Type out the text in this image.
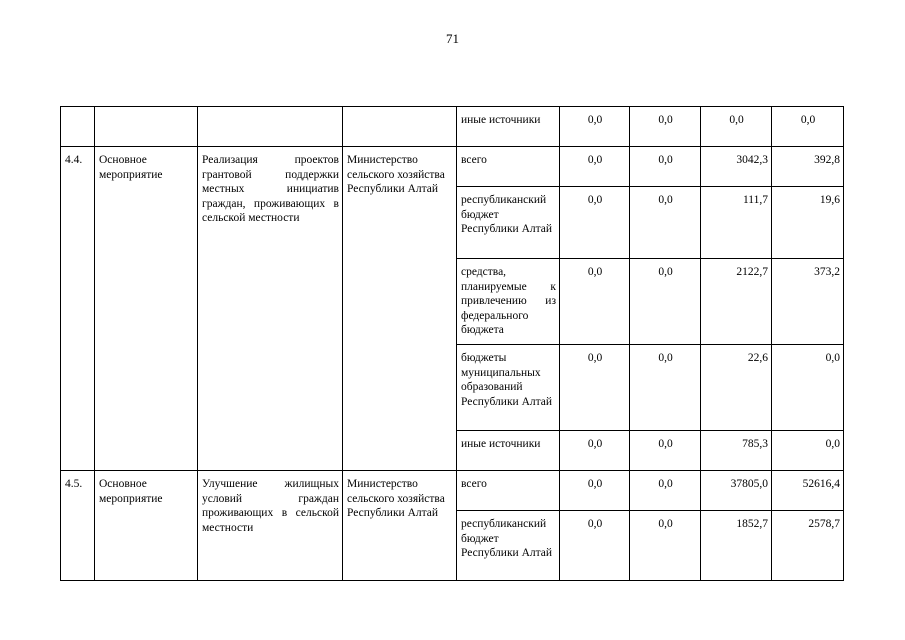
71
				иные источники	0,0	0,0	0,0	0,0
4.4.	Основное мероприятие	Реализация проектов грантовой поддержки местных инициатив граждан, проживающих в сельской местности	Министерство сельского хозяйства Республики Алтай	всего	0,0	0,0	3042,3	392,8
				республиканский бюджет Республики Алтай	0,0	0,0	111,7	19,6
				средства, планируемые к привлечению из федерального бюджета	0,0	0,0	2122,7	373,2
				бюджеты муниципальных образований Республики Алтай	0,0	0,0	22,6	0,0
				иные источники	0,0	0,0	785,3	0,0
4.5.	Основное мероприятие	Улучшение жилищных условий граждан проживающих в сельской местности	Министерство сельского хозяйства Республики Алтай	всего	0,0	0,0	37805,0	52616,4
				республиканский бюджет Республики Алтай	0,0	0,0	1852,7	2578,7
